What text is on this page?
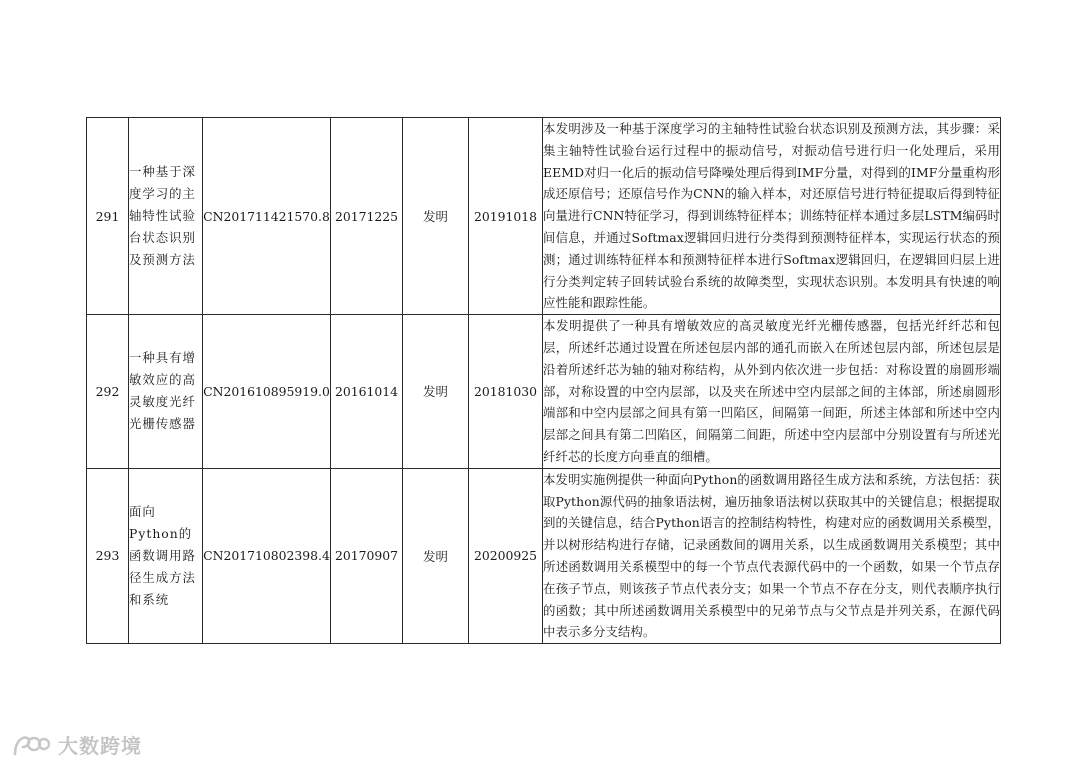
291	一种基于深度学习的主轴特性试验台状态识别及预测方法	CN201711421570.8	20171225	发明	20191018	本发明涉及一种基于深度学习的主轴特性试验台状态识别及预测方法，其步骤：采集主轴特性试验台运行过程中的振动信号，对振动信号进行归一化处理后，采用EEMD对归一化后的振动信号降噪处理后得到IMF分量，对得到的IMF分量重构形成还原信号；还原信号作为CNN的输入样本，对还原信号进行特征提取后得到特征向量进行CNN特征学习，得到训练特征样本；训练特征样本通过多层LSTM编码时间信息，并通过Softmax逻辑回归进行分类得到预测特征样本，实现运行状态的预测；通过训练特征样本和预测特征样本进行Softmax逻辑回归，在逻辑回归层上进行分类判定转子回转试验台系统的故障类型，实现状态识别。本发明具有快速的响应性能和跟踪性能。
292	一种具有增敏效应的高灵敏度光纤光栅传感器	CN201610895919.0	20161014	发明	20181030	本发明提供了一种具有增敏效应的高灵敏度光纤光栅传感器，包括光纤纤芯和包层，所述纤芯通过设置在所述包层内部的通孔而嵌入在所述包层内部，所述包层是沿着所述纤芯为轴的轴对称结构，从外到内依次进一步包括：对称设置的扇圆形端部，对称设置的中空内层部，以及夹在所述中空内层部之间的主体部，所述扇圆形端部和中空内层部之间具有第一凹陷区，间隔第一间距，所述主体部和所述中空内层部之间具有第二凹陷区，间隔第二间距，所述中空内层部中分别设置有与所述光纤纤芯的长度方向垂直的细槽。
293	面向Python的函数调用路径生成方法和系统	CN201710802398.4	20170907	发明	20200925	本发明实施例提供一种面向Python的函数调用路径生成方法和系统，方法包括：获取Python源代码的抽象语法树，遍历抽象语法树以获取其中的关键信息；根据提取到的关键信息，结合Python语言的控制结构特性，构建对应的函数调用关系模型，并以树形结构进行存储，记录函数间的调用关系，以生成函数调用关系模型；其中所述函数调用关系模型中的每一个节点代表源代码中的一个函数，如果一个节点存在孩子节点，则该孩子节点代表分支；如果一个节点不存在分支，则代表顺序执行的函数；其中所述函数调用关系模型中的兄弟节点与父节点是并列关系，在源代码中表示多分支结构。
大数跨境
